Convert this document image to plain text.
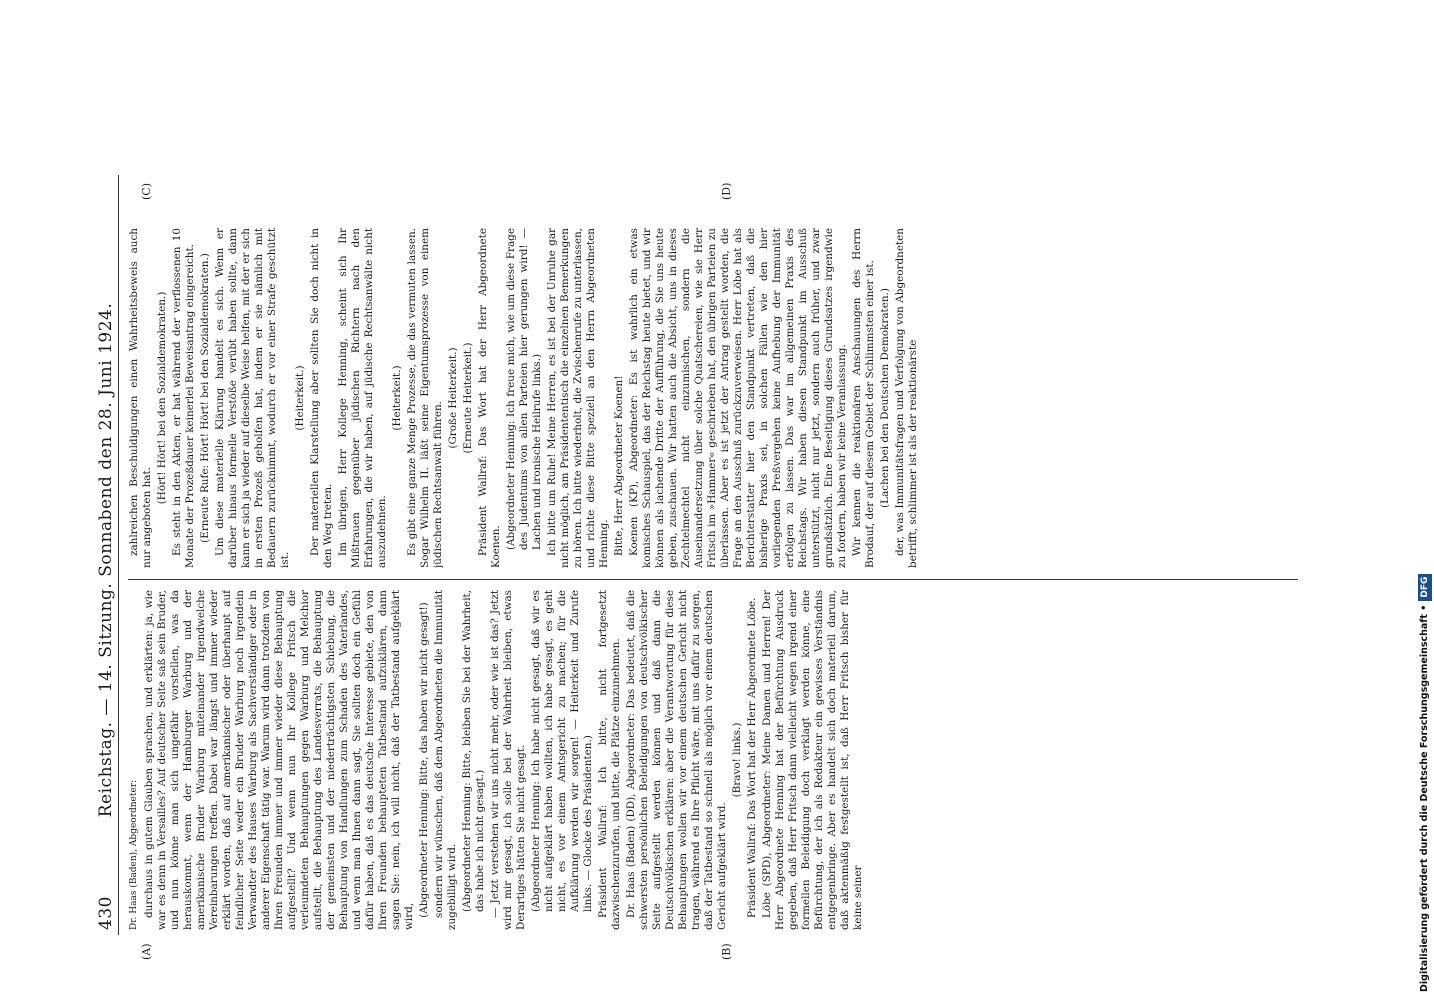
430
Reichstag. — 14. Sitzung. Sonnabend den 28. Juni 1924.
Dr. Haas (Baden), Abgeordneter: durchaus in gutem Glauben sprachen, und erklärten: ja, wie war es denn in Versailles? Auf deutscher Seite saß sein Bruder, und nun könne man sich ungefähr vorstellen, was da herauskommt, wenn der Hamburger Warburg und der amerikanische Bruder Warburg miteinander irgendwelche Vereinbarungen treffen. Dabei war längst und immer wieder erklärt worden, daß auf amerikanischer oder überhaupt auf feindlicher Seite weder ein Bruder Warburg noch irgendein Verwandter des Hauses Warburg als Sachverständiger oder in anderer Eigenschaft tätig war. Warum wird dann trotzdem von Ihren Freunden immer und immer wieder diese Behauptung aufgestellt? Und wenn nun Ihr Kollege Fritsch die verleumdeten Behauptungen gegen Warburg und Melchior aufstellt, die Behauptung des Landesverrats, die Behauptung der gemeinsten und der niederträchtigsten Schiebung, die Behauptung von Handlungen zum Schaden des Vaterlandes, und wenn man Ihnen dann sagt, Sie sollten doch ein Gefühl dafür haben, daß es das deutsche Interesse gebiete, den von Ihren Freunden behaupteten Tatbestand aufzuklären, dann sagen Sie: nein, ich will nicht, daß der Tatbestand aufgeklärt wird, (Abgeordneter Henning: Bitte, das haben wir nicht gesagt!) sondern wir wünschen, daß dem Abgeordneten die Immunität zugebilligt wird. (Abgeordneter Henning: Bitte, bleiben Sie bei der Wahrheit, das habe ich nicht gesagt.) — Jetzt verstehen wir uns nicht mehr, oder wie ist das? Jetzt wird mir gesagt, ich solle bei der Wahrheit bleiben, etwas Derartiges hätten Sie nicht gesagt. (Abgeordneter Henning: Ich habe nicht gesagt, daß wir es nicht aufgeklärt haben wollten, ich habe gesagt, es geht nicht, es vor einem Amtsgericht zu machen; für die Aufklärung werden wir sorgen! — Heiterkeit und Zurufe links. — Glocke des Präsidenten.) Präsident Wallraf: Ich bitte, nicht fortgesetzt dazwischenzurufen, und bitte, die Plätze einzunehmen. Dr. Haas (Baden) (DD), Abgeordneter: Das bedeutet, daß die schwersten persönlichen Beleidigungen von deutschvölkischer Seite aufgestellt werden können und daß dann die Deutschvölkischen erklären: aber die Verantwortung für diese Behauptungen wollen wir vor einem deutschen Gericht nicht tragen, während es Ihre Pflicht wäre, mit uns dafür zu sorgen, daß der Tatbestand so schnell als möglich vor einem deutschen Gericht aufgeklärt wird.
(Bravo! links.) Präsident Wallraf: Das Wort hat der Herr Abgeordnete Löbe. Löbe (SPD), Abgeordneter: Meine Damen und Herren! Der Herr Abgeordnete Henning hat der Befürchtung Ausdruck gegeben, daß Herr Fritsch dann vielleicht wegen irgend einer formellen Beleidigung doch verklagt werden könne, eine Befürchtung, der ich als Redakteur ein gewisses Verständnis entgegenbringe. Aber es handelt sich doch materiell darum, daß aktenmäßig festgestellt ist, daß Herr Fritsch bisher für keine seiner
zahlreichen Beschuldigungen einen Wahrheitsbeweis auch nur angeboten hat.
(Hört! Hört! bei den Sozialdemokraten.) Es steht in den Akten, er hat während der verflossenen 10 Monate der Prozeßdauer keinerlei Beweisantrag eingereicht. (Erneute Rufe: Hört! Hört! bei den Sozialdemokraten.) Um diese materielle Klärung handelt es sich. Wenn er darüber hinaus formelle Verstöße verübt haben sollte, dann kann er sich ja wieder auf dieselbe Weise helfen, mit der er sich in ersten Prozeß geholfen hat, indem er sie nämlich mit Bedauern zurücknimmt, wodurch er vor einer Strafe geschützt ist.
(Heiterkeit.) Der materiellen Klarstellung aber sollten Sie doch nicht in den Weg treten. Im übrigen, Herr Kollege Henning, scheint sich Ihr Mißtrauen gegenüber jüdischen Richtern nach den Erfahrungen, die wir haben, auf jüdische Rechtsanwälte nicht auszudehnen.
(Heiterkeit.) Es gibt eine ganze Menge Prozesse, die das vermuten lassen. Sogar Wilhelm II. läßt seine Eigentumsprozesse von einem jüdischen Rechtsanwalt führen.
(Große Heiterkeit.) (Erneute Heiterkeit.) Präsident Wallraf: Das Wort hat der Herr Abgeordnete Koenen. (Abgeordneter Henning: Ich freue mich, wie um diese Frage des Judentums von allen Parteien hier gerungen wird! — Lachen und ironische Heilrufe links.) Ich bitte um Ruhe! Meine Herren, es ist bei der Unruhe gar nicht möglich, am Präsidententisch die einzelnen Bemerkungen zu hören. Ich bitte wiederholt, die Zwischenrufe zu unterlassen, und richte diese Bitte speziell an den Herrn Abgeordneten Henning. Bitte, Herr Abgeordneter Koenen! Koenen (KP), Abgeordneter: Es ist wahrlich ein etwas komisches Schauspiel, das der Reichstag heute bietet, und wir können als lachende Dritte der Aufführung, die Sie uns heute geben, zuschauen. Wir hatten auch die Absicht, uns in dieses Zechtelmechtel nicht einzumischen, sondern die Auseinandersetzung über solche Quatschereien, wie sie Herr Fritsch im »Hammer« geschrieben hat, den übrigen Parteien zu überlassen. Aber es ist jetzt der Antrag gestellt worden, die Frage an den Ausschuß zurückzuverweisen. Herr Löbe hat als Berichterstatter hier den Standpunkt vertreten, daß die bisherige Praxis sei, in solchen Fällen wie den hier vorliegenden Preßvergehen keine Aufhebung der Immunität erfolgen zu lassen. Das war im allgemeinen Praxis des Reichstags. Wir haben diesen Standpunkt im Ausschuß unterstützt, nicht nur jetzt, sondern auch früher, und zwar grundsätzlich. Eine Beseitigung dieses Grundsatzes irgendwie zu fordern, haben wir keine Veranlassung. Wir kennen die reaktionären Anschauungen des Herrn Brodauf, der auf diesem Gebiet der Schlimmsten einer ist. (Lachen bei den Deutschen Demokraten.) der, was Immunitätsfragen und Verfolgung von Abgeordneten betrifft, schlimmer ist als der reaktionärste
(A)	(B)
(C)	(D)
Digitalisierung gefördert durch die Deutsche Forschungsgemeinschaft •DFG
